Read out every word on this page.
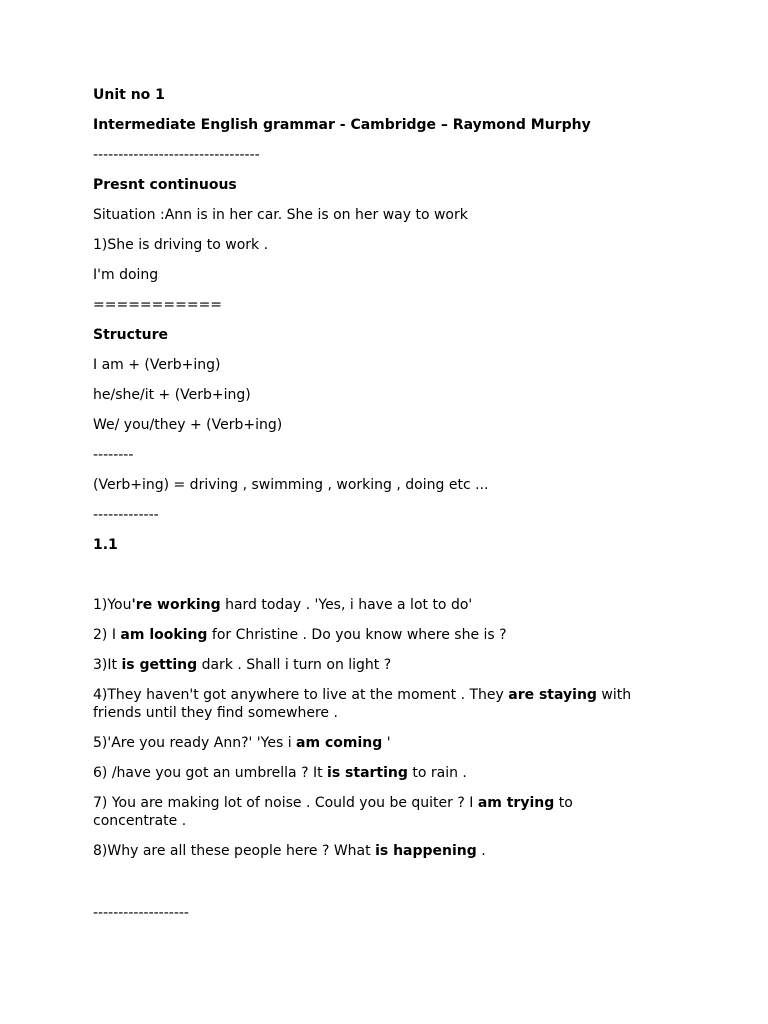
Unit no 1
Intermediate English grammar - Cambridge – Raymond Murphy
---------------------------------
Presnt continuous
Situation :Ann is in her car. She is on her way to work
1)She is driving to work .
I'm doing
===========
Structure
I am + (Verb+ing)
he/she/it + (Verb+ing)
We/ you/they + (Verb+ing)
--------
(Verb+ing) = driving , swimming , working , doing etc ...
-------------
1.1
1)You're working hard today . 'Yes, i have a lot to do'
2) I am looking for Christine . Do you know where she is ?
3)It is getting dark . Shall i turn on light ?
4)They haven't got anywhere to live at the moment . They are staying with friends until they find somewhere .
5)'Are you ready Ann?' 'Yes i am coming '
6) /have you got an umbrella ? It is starting to rain .
7) You are making lot of noise . Could you be quiter ? I am trying to concentrate .
8)Why are all these people here ? What is happening .
-------------------
